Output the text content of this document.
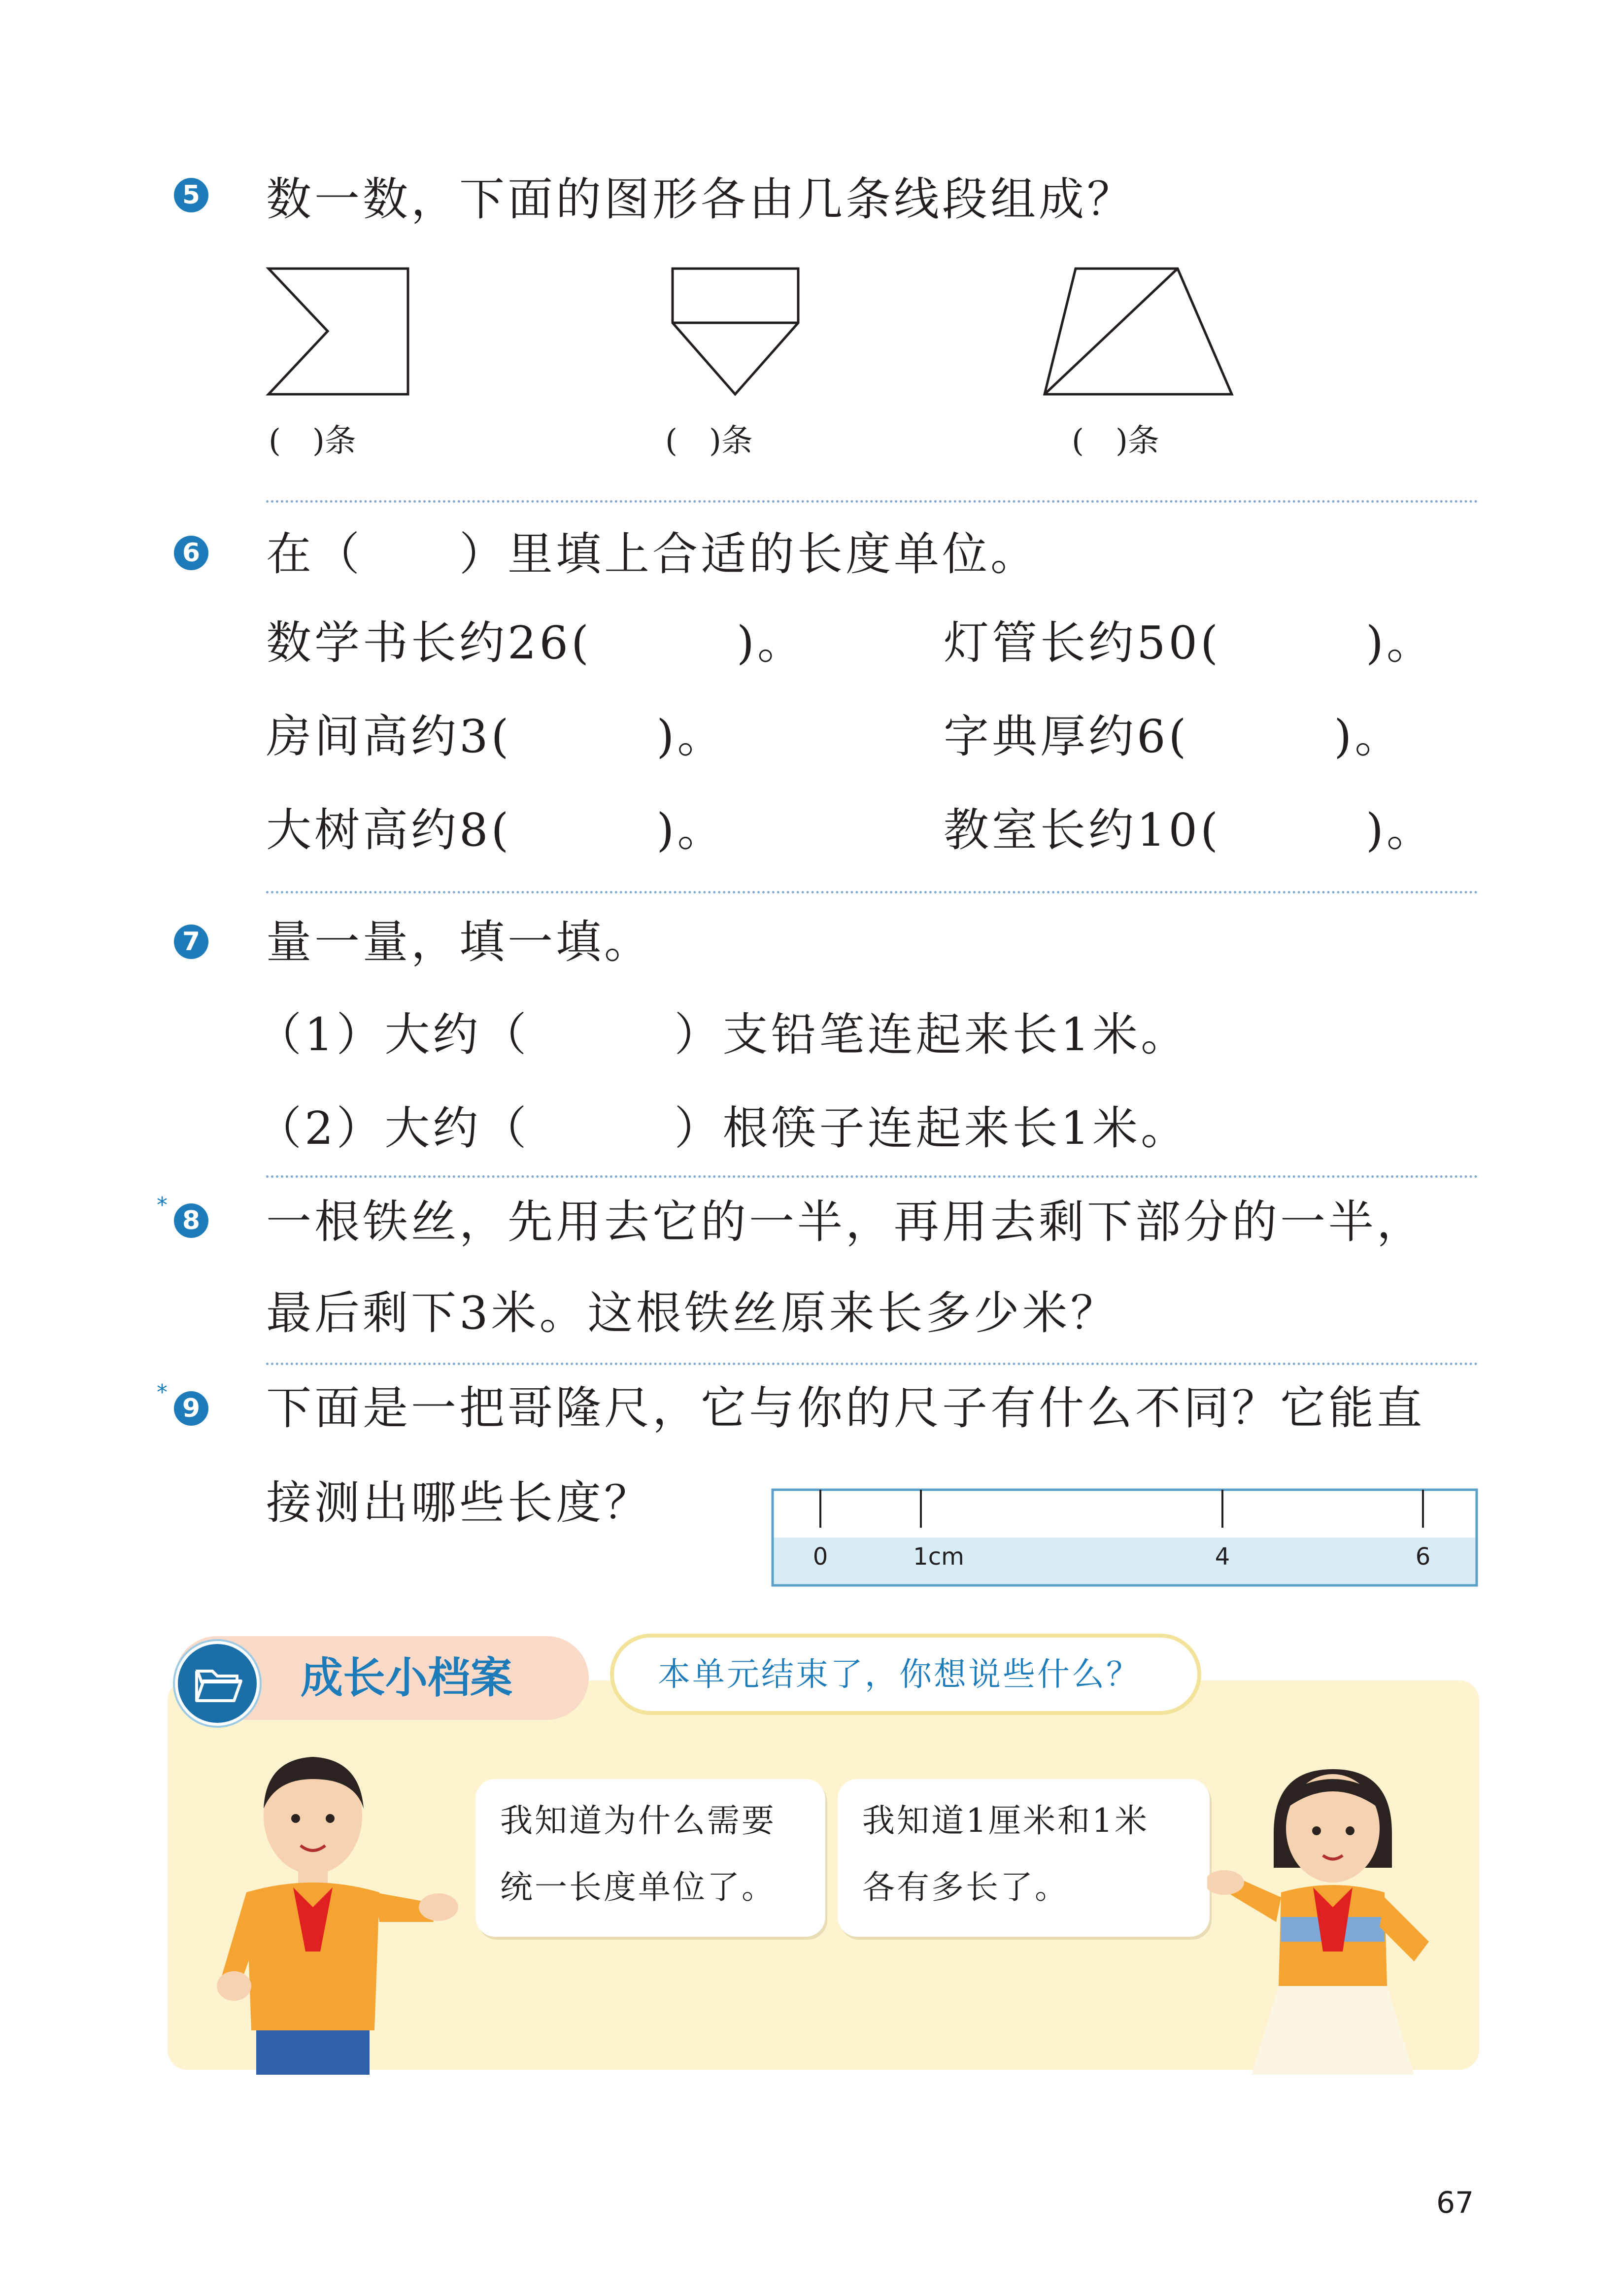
5 数一数，下面的图形各由几条线段组成？
(　)条	(　)条	(　)条
6 在（　　）里填上合适的长度单位。
数学书长约26(　　　)。	灯管长约50(　　　)。
房间高约3(　　　)。	字典厚约6(　　　)。
大树高约8(　　　)。	教室长约10(　　　)。
7 量一量，填一填。
（1）大约（　　　）支铅笔连起来长1米。
（2）大约（　　　）根筷子连起来长1米。
*
8 一根铁丝，先用去它的一半，再用去剩下部分的一半，
最后剩下3米。这根铁丝原来长多少米？
*
9 下面是一把哥隆尺，它与你的尺子有什么不同？它能直
接测出哪些长度？
0	1cm	4	6
成长小档案	本单元结束了，你想说些什么？
我知道为什么需要
统一长度单位了。
我知道1厘米和1米
各有多长了。
67
